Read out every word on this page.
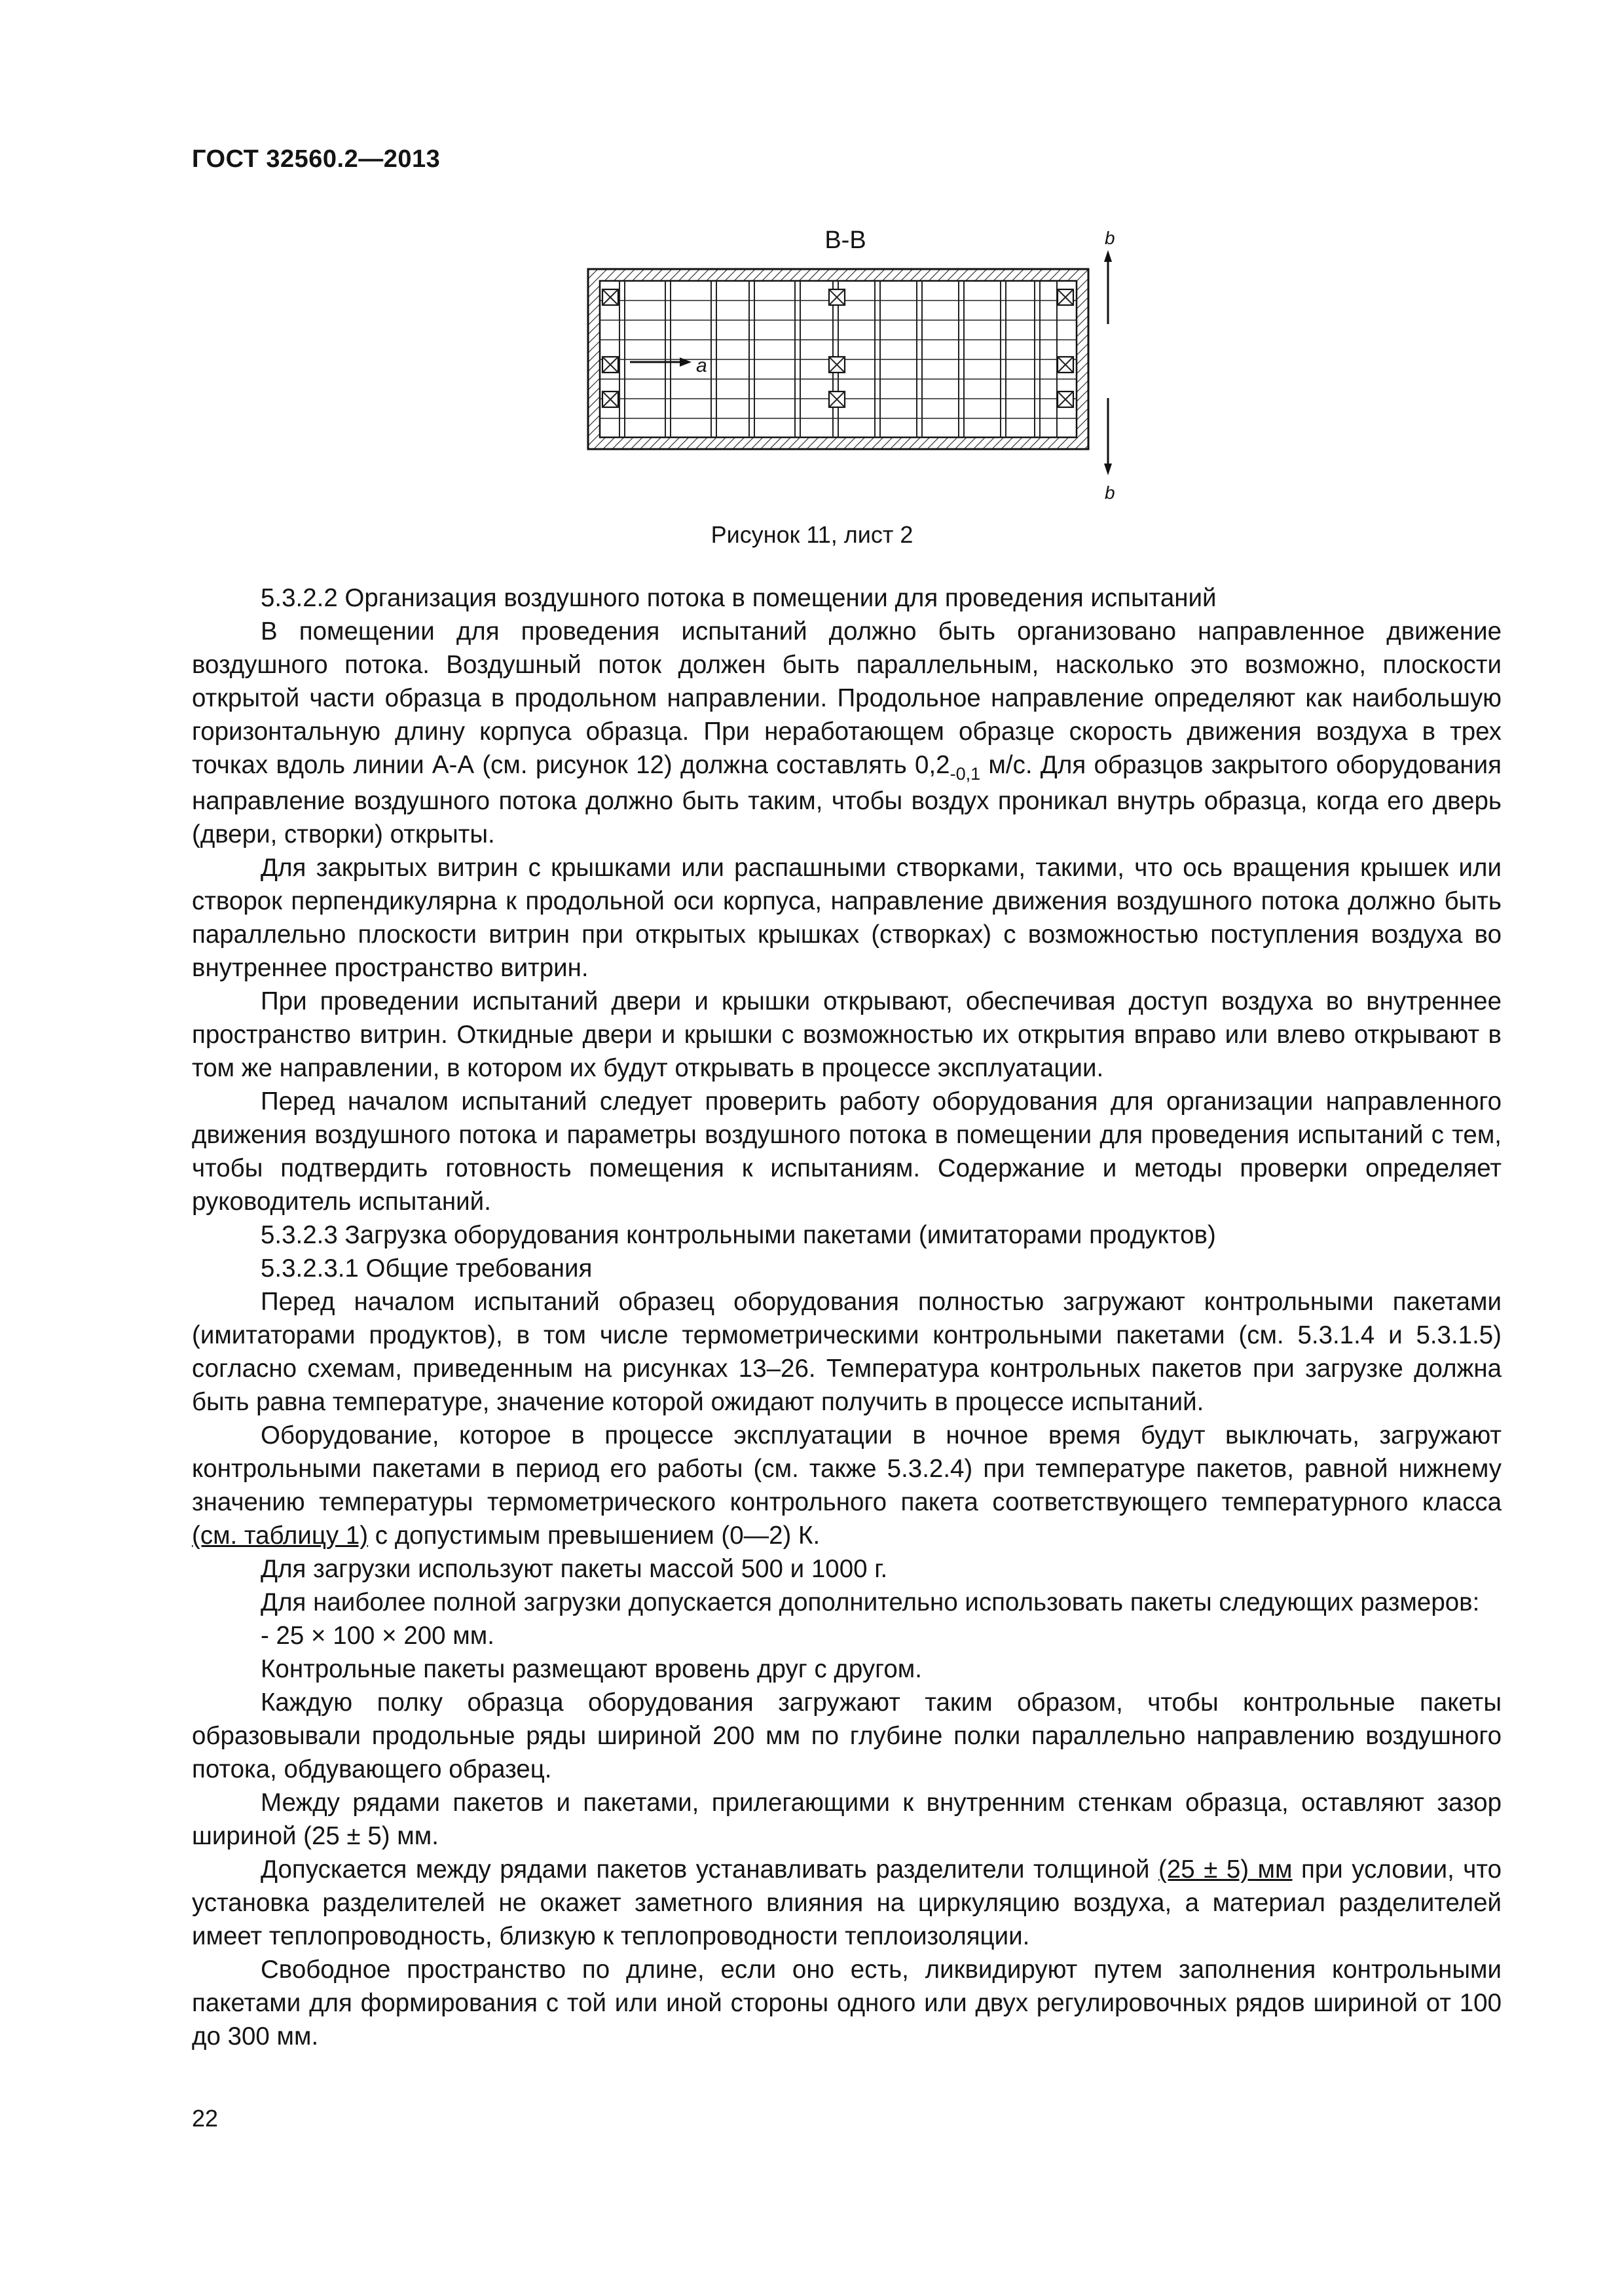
ГОСТ 32560.2—2013
В-В
a
b
b
Рисунок 11, лист 2

5.3.2.2 Организация воздушного потока в помещении для проведения испытаний

В помещении для проведения испытаний должно быть организовано направленное движение воздушного потока. Воздушный поток должен быть параллельным, насколько это возможно, плоскости открытой части образца в продольном направлении. Продольное направление определяют как наибольшую горизонтальную длину корпуса образца. При неработающем образце скорость движения воздуха в трех точках вдоль линии А-А (см. рисунок 12) должна составлять $0,2_{-0,1}$ м/с. Для образцов закрытого оборудования направление воздушного потока должно быть таким, чтобы воздух проникал внутрь образца, когда его дверь (двери, створки) открыты.

Для закрытых витрин с крышками или распашными створками, такими, что ось вращения крышек или створок перпендикулярна к продольной оси корпуса, направление движения воздушного потока должно быть параллельно плоскости витрин при открытых крышках (створках) с возможностью поступления воздуха во внутреннее пространство витрин.

При проведении испытаний двери и крышки открывают, обеспечивая доступ воздуха во внутреннее пространство витрин. Откидные двери и крышки с возможностью их открытия вправо или влево открывают в том же направлении, в котором их будут открывать в процессе эксплуатации.

Перед началом испытаний следует проверить работу оборудования для организации направленного движения воздушного потока и параметры воздушного потока в помещении для проведения испытаний с тем, чтобы подтвердить готовность помещения к испытаниям. Содержание и методы проверки определяет руководитель испытаний.

5.3.2.3 Загрузка оборудования контрольными пакетами (имитаторами продуктов)

5.3.2.3.1 Общие требования

Перед началом испытаний образец оборудования полностью загружают контрольными пакетами (имитаторами продуктов), в том числе термометрическими контрольными пакетами (см. 5.3.1.4 и 5.3.1.5) согласно схемам, приведенным на рисунках 13–26. Температура контрольных пакетов при загрузке должна быть равна температуре, значение которой ожидают получить в процессе испытаний.

Оборудование, которое в процессе эксплуатации в ночное время будут выключать, загружают контрольными пакетами в период его работы (см. также 5.3.2.4) при температуре пакетов, равной нижнему значению температуры термометрического контрольного пакета соответствующего температурного класса (см. таблицу 1) с допустимым превышением (0—2) К.

Для загрузки используют пакеты массой 500 и 1000 г.

Для наиболее полной загрузки допускается дополнительно использовать пакеты следующих размеров:

- 25 × 100 × 200 мм.

Контрольные пакеты размещают вровень друг с другом.

Каждую полку образца оборудования загружают таким образом, чтобы контрольные пакеты образовывали продольные ряды шириной 200 мм по глубине полки параллельно направлению воздушного потока, обдувающего образец.

Между рядами пакетов и пакетами, прилегающими к внутренним стенкам образца, оставляют зазор шириной (25 ± 5) мм.

Допускается между рядами пакетов устанавливать разделители толщиной (25 ± 5) мм при условии, что установка разделителей не окажет заметного влияния на циркуляцию воздуха, а материал разделителей имеет теплопроводность, близкую к теплопроводности теплоизоляции.

Свободное пространство по длине, если оно есть, ликвидируют путем заполнения контрольными пакетами для формирования с той или иной стороны одного или двух регулировочных рядов шириной от 100 до 300 мм.

22
